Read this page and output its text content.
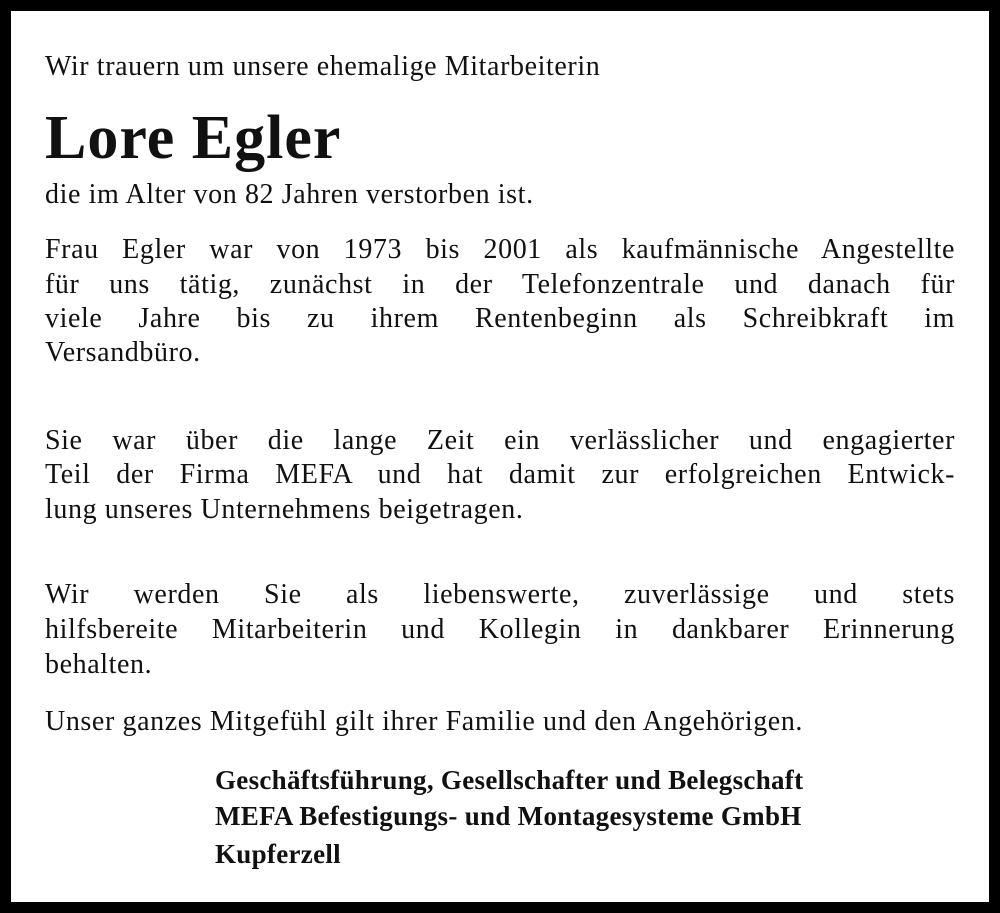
Wir trauern um unsere ehemalige Mitarbeiterin
Lore Egler
die im Alter von 82 Jahren verstorben ist.
Frau Egler war von 1973 bis 2001 als kaufmännische Angestellte
für uns tätig, zunächst in der Telefonzentrale und danach für
viele Jahre bis zu ihrem Rentenbeginn als Schreibkraft im
Versandbüro.
Sie war über die lange Zeit ein verlässlicher und engagierter
Teil der Firma MEFA und hat damit zur erfolgreichen Entwick-
lung unseres Unternehmens beigetragen.
Wir werden Sie als liebenswerte, zuverlässige und stets
hilfsbereite Mitarbeiterin und Kollegin in dankbarer Erinnerung
behalten.
Unser ganzes Mitgefühl gilt ihrer Familie und den Angehörigen.
Geschäftsführung, Gesellschafter und Belegschaft
MEFA Befestigungs- und Montagesysteme GmbH
Kupferzell
